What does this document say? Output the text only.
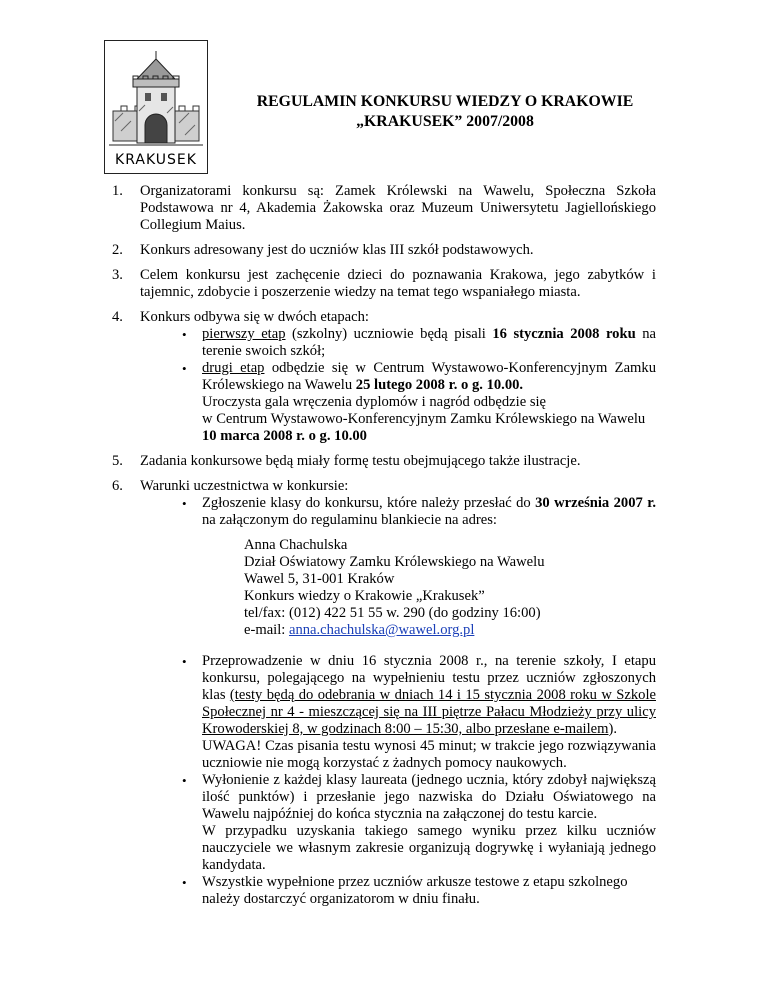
KRAKUSEK
REGULAMIN KONKURSU WIEDZY O KRAKOWIE
„KRAKUSEK” 2007/2008
1. Organizatorami konkursu są: Zamek Królewski na Wawelu, Społeczna Szkoła Podstawowa nr 4, Akademia Żakowska oraz Muzeum Uniwersytetu Jagiellońskiego Collegium Maius.
2. Konkurs adresowany jest do uczniów klas III szkół podstawowych.
3. Celem konkursu jest zachęcenie dzieci do poznawania Krakowa, jego zabytków i tajemnic, zdobycie i poszerzenie wiedzy na temat tego wspaniałego miasta.
4. Konkurs odbywa się w dwóch etapach:
• pierwszy etap (szkolny) uczniowie będą pisali 16 stycznia 2008 roku na terenie swoich szkół;
• drugi etap odbędzie się w Centrum Wystawowo-Konferencyjnym Zamku Królewskiego na Wawelu 25 lutego 2008 r. o g. 10.00.
Uroczysta gala wręczenia dyplomów i nagród odbędzie się
w Centrum Wystawowo-Konferencyjnym Zamku Królewskiego na Wawelu
10 marca 2008 r. o g. 10.00
5. Zadania konkursowe będą miały formę testu obejmującego także ilustracje.
6. Warunki uczestnictwa w konkursie:
• Zgłoszenie klasy do konkursu, które należy przesłać do 30 września 2007 r. na załączonym do regulaminu blankiecie na adres:
Anna Chachulska
Dział Oświatowy Zamku Królewskiego na Wawelu
Wawel 5, 31-001 Kraków
Konkurs wiedzy o Krakowie „Krakusek”
tel/fax: (012) 422 51 55 w. 290 (do godziny 16:00)
e-mail: anna.chachulska@wawel.org.pl
• Przeprowadzenie w dniu 16 stycznia 2008 r., na terenie szkoły, I etapu konkursu, polegającego na wypełnieniu testu przez uczniów zgłoszonych klas (testy będą do odebrania w dniach 14 i 15 stycznia 2008 roku w Szkole Społecznej nr 4 - mieszczącej się na III piętrze Pałacu Młodzieży przy ulicy Krowoderskiej 8, w godzinach 8:00 – 15:30, albo przesłane e-mailem).
UWAGA! Czas pisania testu wynosi 45 minut; w trakcie jego rozwiązywania uczniowie nie mogą korzystać z żadnych pomocy naukowych.
• Wyłonienie z każdej klasy laureata (jednego ucznia, który zdobył największą ilość punktów) i przesłanie jego nazwiska do Działu Oświatowego na Wawelu najpóźniej do końca stycznia na załączonej do testu karcie.
W przypadku uzyskania takiego samego wyniku przez kilku uczniów nauczyciele we własnym zakresie organizują dogrywkę i wyłaniają jednego kandydata.
• Wszystkie wypełnione przez uczniów arkusze testowe z etapu szkolnego należy dostarczyć organizatorom w dniu finału.
